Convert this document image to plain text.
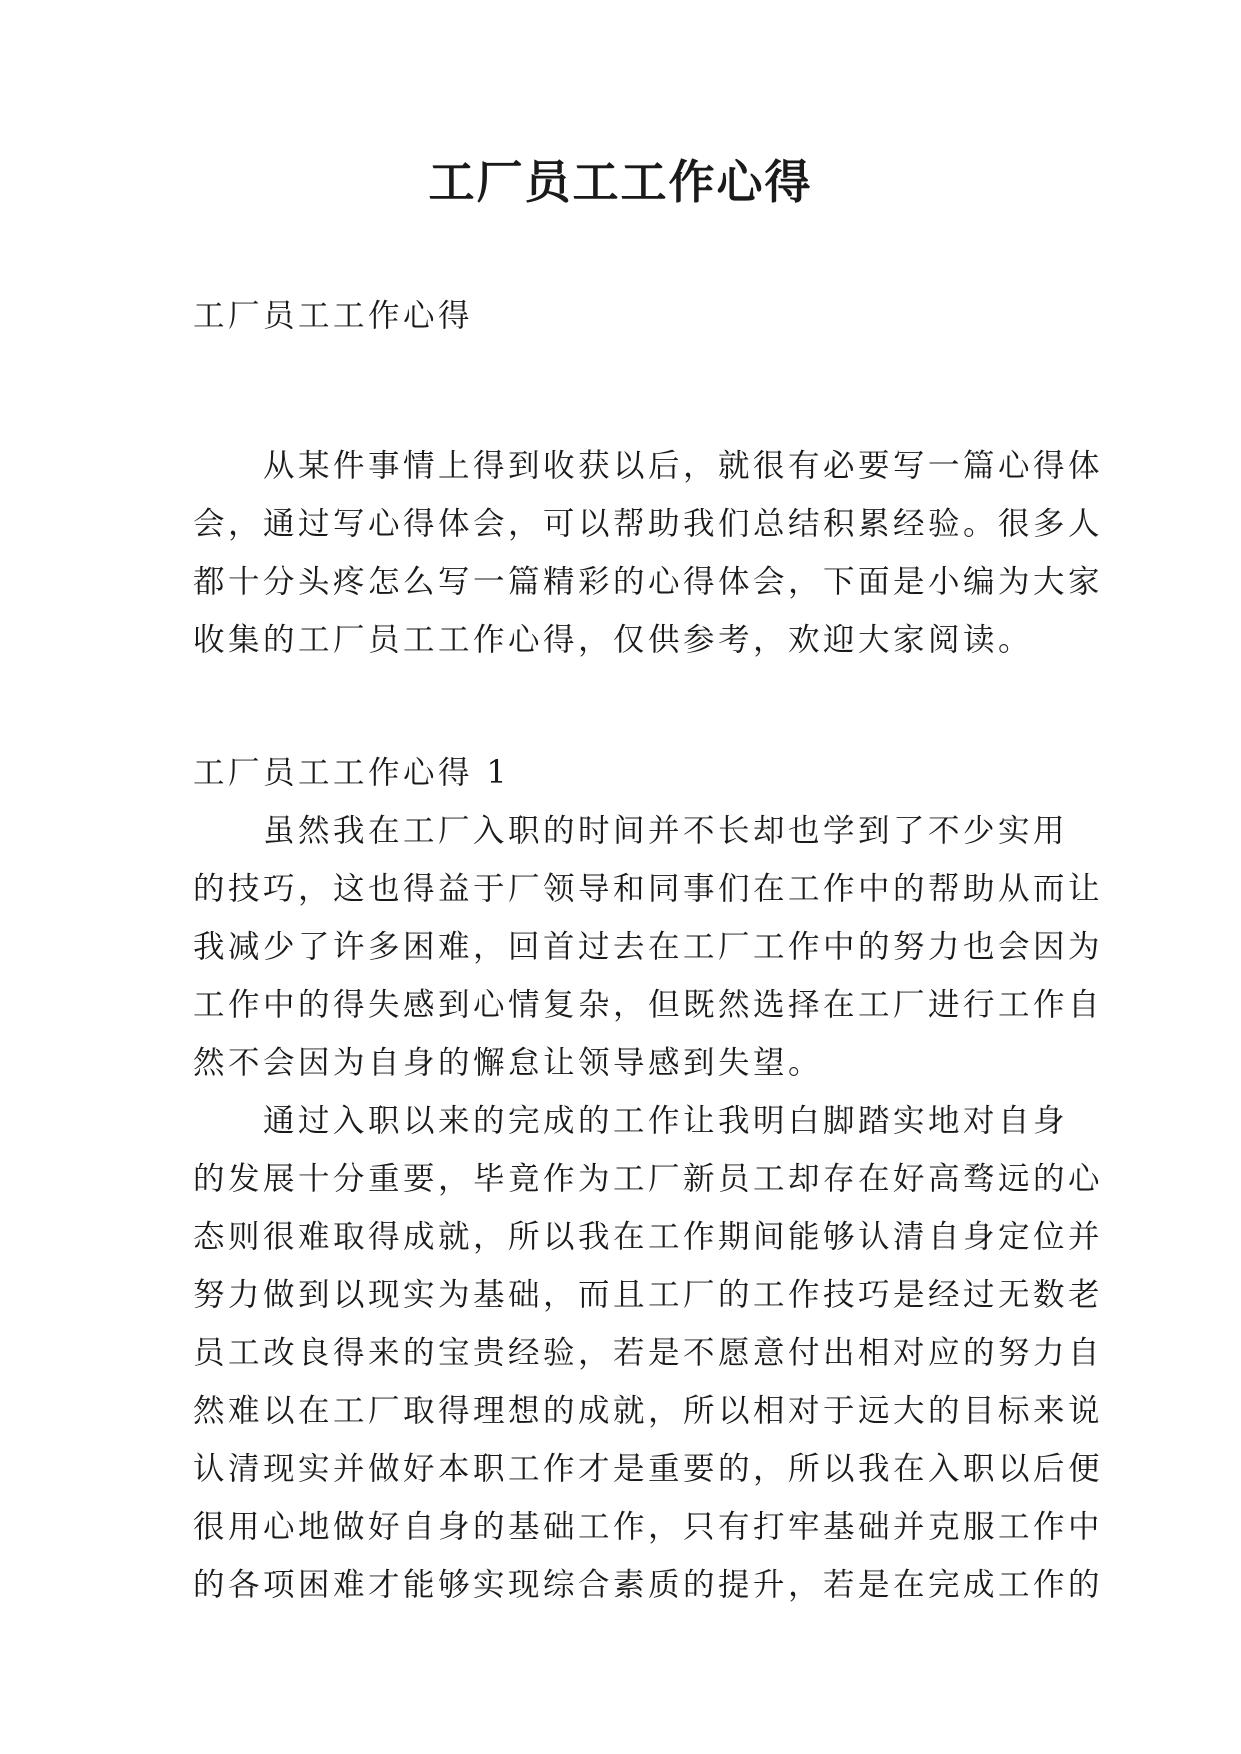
工厂员工工作心得

工厂员工工作心得

从某件事情上得到收获以后，就很有必要写一篇心得体

会，通过写心得体会，可以帮助我们总结积累经验。很多人

都十分头疼怎么写一篇精彩的心得体会，下面是小编为大家

收集的工厂员工工作心得，仅供参考，欢迎大家阅读。

工厂员工工作心得 1

虽然我在工厂入职的时间并不长却也学到了不少实用

的技巧，这也得益于厂领导和同事们在工作中的帮助从而让

我减少了许多困难，回首过去在工厂工作中的努力也会因为

工作中的得失感到心情复杂，但既然选择在工厂进行工作自

然不会因为自身的懈怠让领导感到失望。

通过入职以来的完成的工作让我明白脚踏实地对自身

的发展十分重要，毕竟作为工厂新员工却存在好高骛远的心

态则很难取得成就，所以我在工作期间能够认清自身定位并

努力做到以现实为基础，而且工厂的工作技巧是经过无数老

员工改良得来的宝贵经验，若是不愿意付出相对应的努力自

然难以在工厂取得理想的成就，所以相对于远大的目标来说

认清现实并做好本职工作才是重要的，所以我在入职以后便

很用心地做好自身的基础工作，只有打牢基础并克服工作中

的各项困难才能够实现综合素质的提升，若是在完成工作的
